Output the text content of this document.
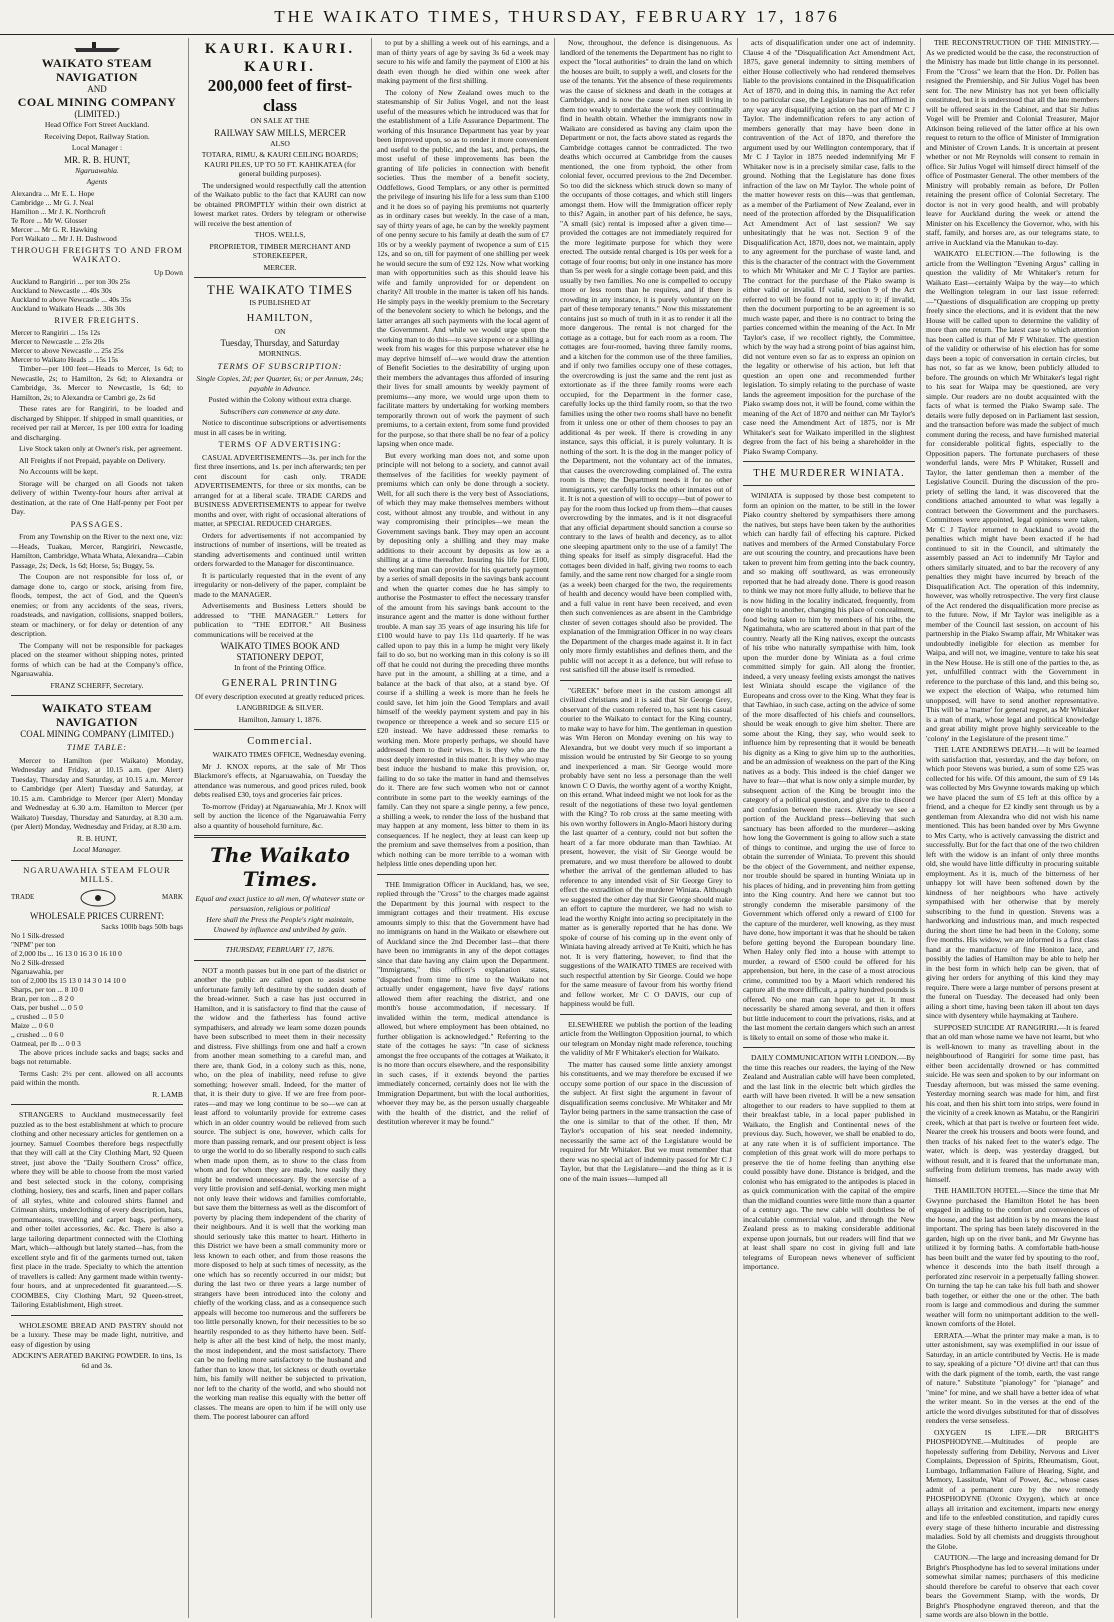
THE WAIKATO TIMES, THURSDAY, FEBRUARY 17, 1876
WAIKATO STEAM NAVIGATION
AND
COAL MINING COMPANY
(LIMITED.)

Head Office Fort Street Auckland.

Receiving Depot, Railway Station.

Local Manager :

MR. R. B. HUNT,

Ngaruawahia.

Agents

Alexandra ... Mr E. L. Hope
Cambridge ... Mr G. J. Neal
Hamilton ... Mr J. K. Northcroft
Te Rore ... Mr W. Glosser
Mercer ... Mr G. R. Hawking
Port Waikato ... Mr J. H. Dashwood
THROUGH FREIGHTS TO AND FROM WAIKATO.
Up Down
Auckland to Rangiriri ... per ton 30s 25s
Auckland to Newcastle ... 40s 30s
Auckland to above Newcastle ... 40s 35s
Auckland to Waikato Heads ... 30s 30s
RIVER FREIGHTS.
Mercer to Rangiriri ... 15s 12s
Mercer to Newcastle ... 25s 20s
Mercer to above Newcastle ... 25s 25s
Mercer to Waikato Heads ... 15s 15s

Timber—per 100 feet—Heads to Mercer, 1s 6d; to Newcastle, 2s; to Hamilton, 2s 6d; to Alexandra or Cambridge, 3s. Mercer to Newcastle, 1s 6d; to Hamilton, 2s; to Alexandra or Cambri ge, 2s 6d

These rates are for Rangiriri, to be loaded and discharged by Shipper. If shipped in small quantities, or received per rail at Mercer, 1s per 100 extra for loading and discharging.

Live Stock taken only at Owner's risk, per agreement.

All Freights if not Prepaid, payable on Delivery.

No Accounts will be kept.

Storage will be charged on all Goods not taken delivery of within Twenty-four hours after arrival at destination, at the rate of One Half-penny per Foot per Day.

PASSAGES.

From any Township on the River to the next one, viz:—Heads, Tuakau, Mercer, Rangiriri, Newcastle, Hamilton, Cambridge, Whata Whata, Alexandra—Cabin Passage, 2s; Deck, 1s 6d; Horse, 5s; Buggy, 5s.

The Coupon are not responsible for loss of, or damage done to, cargo or stock, arising from fire, floods, tempest, the act of God, and the Queen's enemies; or from any accidents of the seas, rivers, roadsteads, and navigation, collisions, snapped boilers, steam or machinery, or for delay or detention of any description.

The Company will not be responsible for packages placed on the steamer without shipping notes, printed forms of which can be had at the Company's office, Ngaruawahia.

FRANZ SCHERFF, Secretary.

WAIKATO STEAM NAVIGATION
COAL MINING COMPANY (LIMITED.)
TIME TABLE:

Mercer to Hamilton (per Waikato) Monday, Wednesday and Friday, at 10.15 a.m. (per Alert) Tuesday, Thursday and Saturday, at 10.15 a.m. Mercer to Cambridge (per Alert) Tuesday and Saturday, at 10.15 a.m. Cambridge to Mercer (per Alert) Monday and Wednesday at 6.30 a.m. Hamilton to Mercer (per Waikato) Tuesday, Thursday and Saturday, at 8.30 a.m. (per Alert) Monday, Wednesday and Friday, at 8.30 a.m.

R. B. HUNT,

Local Manager.

NGARUAWAHIA STEAM FLOUR MILLS.
TRADE	MARK
WHOLESALE PRICES CURRENT:
Sacks 100lb bags 50lb bags
No 1 Silk-dressed
"NPM" per ton
of 2,000 lbs ... 16 13 0 16 3 0 16 10 0
No 2 Silk-dressed
Ngaruawahia, per
ton of 2,000 lbs 15 13 0 14 3 0 14 10 0
Sharps, per ton ... 8 10 0
Bran, per ton ... 8 2 0
Oats, per bushel ... 0 5 0
,, crushed ... 0 5 0
Maize ... 0 6 0
,, crushed ... 0 6 0
Oatmeal, per lb ... 0 0 3

The above prices include sacks and bags; sacks and bags not returnable.

Terms Cash: 2½ per cent. allowed on all accounts paid within the month.

R. LAMB

STRANGERS to Auckland mustnecessarily feel puzzled as to the best establishment at which to procure clothing and other necessary articles for gentlemen on a journey. Samuel Coombes therefore begs respectfully that they will call at the City Clothing Mart, 92 Queen street, just above the "Daily Southern Cross" office, where they will be able to choose from the most varied and best selected stock in the colony, comprising clothing, hosiery, ties and scarfs, linen and paper collars of all styles, white and coloured shirts flannel and Crimean shirts, underclothing of every description, hats, portmanteaus, travelling and carpet bags, perfumery, and other toilet accessories, &c. &c. There is also a large tailoring department connected with the Clothing Mart, which—although but lately started—has, from the excellent style and fit of the garments turned out, taken first place in the trade. Specialty to which the attention of travellers is called: Any garment made within twenty-four hours, and at unprecedented fit guaranteed.—S. COOMBES, City Clothing Mart, 92 Queen-street, Tailoring Establishment, High street.

WHOLESOME BREAD AND PASTRY should not be a luxury. These may be made light, nutritive, and easy of digestion by using

ADCKIN'S AERATED BAKING POWDER. In tins, 1s 6d and 3s.

KAURI. KAURI. KAURI.
200,000 feet of first-class

ON SALE AT THE

RAILWAY SAW MILLS, MERCER

ALSO

TOTARA, RIMU, & KAURI CEILING BOARDS; KAURI PILES, UP TO 50 FT. KAHIKATEA (for general building purposes).

The undersigned would respectfully call the attention of the Waikato public to the fact that KAURI can now be obtained PROMPTLY within their own district at lowest market rates. Orders by telegram or otherwise will receive the best attention of

THOS. WELLS,

PROPRIETOR, TIMBER MERCHANT AND STOREKEEPER,

MERCER.

THE WAIKATO TIMES

IS PUBLISHED AT

HAMILTON,

ON

Tuesday, Thursday, and Saturday

MORNINGS.

TERMS OF SUBSCRIPTION:

Single Copies, 2d; per Quarter, 6s; or per Annum, 24s; payable in Advance.

Posted within the Colony without extra charge.

Subscribers can commence at any date.

Notice to discontinue subscriptions or advertisements must in all cases be in writing.

TERMS OF ADVERTISING:

CASUAL ADVERTISEMENTS—3s. per inch for the first three insertions, and 1s. per inch afterwards; ten per cent discount for cash only. TRADE ADVERTISEMENTS, for three or six months, can be arranged for at a liberal scale. TRADE CARDS and BUSINESS ADVERTISEMENTS to appear for twelve months and over, with right of occasional alterations of matter, at SPECIAL REDUCED CHARGES.

Orders for advertisements if not accompanied by instructions of number of insertions, will be treated as standing advertisements and continued until written orders forwarded to the Manager for discontinuance.

It is particularly requested that in the event of any irregularity or non-delivery of the paper, complaint be made to the MANAGER.

Advertisements and Business Letters should be addressed to "THE MANAGER." Letters for publication to "THE EDITOR." All Business communications will be received at the

WAIKATO TIMES BOOK AND STATIONERY DEPOT,

In front of the Printing Office.

GENERAL PRINTING

Of every description executed at greatly reduced prices.

LANGBRIDGE & SILVER.

Hamilton, January 1, 1876.

Commercial.

WAIKATO TIMES OFFICE, Wednesday evening.

Mr J. KNOX reports, at the sale of Mr Thos Blackmore's effects, at Ngaruawahia, on Tuesday the attendance was numerous, and good prices ruled, book debts realised £30, toys and groceries fair prices.

To-morrow (Friday) at Ngaruawahia, Mr J. Knox will sell by auction the licence of the Ngaruawahia Ferry also a quantity of household furniture, &c.

The Waikato Times.

Equal and exact justice to all men, Of whatever state or persuasion, religious or political

Here shall the Press the People's right maintain, Unawed by influence and unbribed by gain.

THURSDAY, FEBRUARY 17, 1876.

NOT a month passes but in one part of the district or another the public are called upon to assist some unfortunate family left destitute by the sudden death of the bread-winner. Such a case has just occurred in Hamilton, and it is satisfactory to find that the cause of the widow and the fatherless has found active sympathisers, and already we learn some dozen pounds have been subscribed to meet them in their necessity and distress. Five shillings from one and half a crown from another mean something to a careful man, and there are, thank God, in a colony such as this, none, who, on the plea of inability, need refuse to give something; however small. Indeed, for the matter of that, it is their duty to give. If we are free from poor-rates—and may we long continue to be so—we can at least afford to voluntarily provide for extreme cases which in an older country would be relieved from such source. The subject is one, however, which calls for more than passing remark, and our present object is less to urge the world to do so liberally respond to such calls when made upon them, as to show to the class from whom and for whom they are made, how easily they might be rendered unnecessary. By the exercise of a very little provision and self-denial, working men might not only leave their widows and families comfortable, but save them the bitterness as well as the discomfort of poverty by placing them independent of the charity of their neighbours. And it is well that the working man should seriously take this matter to heart. Hitherto in this District we have been a small community more or less known to each other, and from those reasons the more disposed to help at such times of necessity, as the one which has so recently occurred in our midst; but during the last two or three years a large number of strangers have been introduced into the colony and chiefly of the working class, and as a consequence such appeals will become too numerous and the sufferers be too little personally known, for their necessities to be so heartily responded to as they hitherto have been. Self-help is after all the best kind of help, the most manly, the most independent, and the most satisfactory. There can be no feeling more satisfactory to the husband and father than to know that, let sickness or death overtake him, his family will neither be subjected to privation, nor left to the charity of the world, and who should not the working man realise this equally with the better off classes. The means are open to him if he will only use them. The poorest labourer can afford

to put by a shilling a week out of his earnings, and a man of thirty years of age by saving 3s 6d a week may secure to his wife and family the payment of £100 at his death even though he died within one week after making payment of the first shilling.

The colony of New Zealand owes much to the statesmanship of Sir Julius Vogel, and not the least useful of the measures which he introduced was that for the establishment of a Life Assurance Department. The working of this Insurance Department has year by year been improved upon, so as to render it more convenient and useful to the public, and the last, and, perhaps, the most useful of these improvements has been the granting of life policies in connection with benefit societies. Thus the member of a benefit society, Oddfellows, Good Templars, or any other is permitted the privilege of insuring his life for a less sum than £100 and it he does so of paying his premiums not quarterly as in ordinary cases but weekly. In the case of a man, say of thirty years of age, he can by the weekly payment of one penny secure to his family at death the sum of £7 10s or by a weekly payment of twopence a sum of £15 12s, and so on, till for payment of one shilling per week he would secure the sum of £92 12s. Now what working man with opportunities such as this should leave his wife and family unprovided for or dependent on charity? All trouble in the matter is taken off his hands. He simply pays in the weekly premium to the Secretary of the benevolent society to which he belongs, and the latter arranges all such payments with the local agent of the Government. And while we would urge upon the working man to do this—to save sixpence or a shilling a week from his wages for this purpose whatever else he may deprive himself of—we would draw the attention of Benefit Societies to the desirability of urging upon their members the advantages thus afforded of insuring their lives for small amounts by weekly payment of premiums—any more, we would urge upon them to facilitate matters by undertaking for working members temporarily thrown out of work the payment of such premiums, to a certain extent, from some fund provided for the purpose, so that there shall be no fear of a policy lapsing when once made.

But every working man does not, and some upon principle will not belong to a society, and cannot avail themselves of the facilities for weekly payment of premiums which can only be done through a society. Well, for all such there is the very best of Associations, of which they may make themselves members without cost, without almost any trouble, and without in any way compromising their principles—we mean the Government savings bank. They may open an account by depositing only a shilling and they may make additions to their account by deposits as low as a shilling at a time thereafter. Insuring his life for £100, the working man can provide for his quarterly payment by a series of small deposits in the savings bank account and when the quarter comes due he has simply to authorise the Postmaster to effect the necessary transfer of the amount from his savings bank account to the insurance agent and the matter is done without further trouble. A man say 35 years of age insuring his life for £100 would have to pay 11s 11d quarterly. If he was called upon to pay this in a lump he might very likely fail to do so, but no working man in this colony is so ill off that he could not during the preceding three months have put in the amount, a shilling at a time, and a balance at the back of that also, at a stand bye. Of course if a shilling a week is more than he feels he could save, let him join the Good Templars and avail himself of the weekly payment system and pay in his twopence or threepence a week and so secure £15 or £20 instead. We have addressed these remarks to working men. More properly perhaps, we should have addressed them to their wives. It is they who are the most deeply interested in this matter. It is they who may best induce the husband to make this provision, or, failing to do so take the matter in hand and themselves do it. There are few such women who not or cannot contribute in some part to the weekly earnings of the family. Can they not spare a single penny, a few pence, a shilling a week, to render the loss of the husband that may happen at any moment, less bitter to them in its consequences. If he neglect, they at least can keep up the premium and save themselves from a position, than which nothing can be more terrible to a woman with helpless little ones depending upon her.

THE Immigration Officer in Auckland, has, we see, replied through the "Cross" to the charges made against the Department by this journal with respect to the immigrant cottages and their treatment. His excuse amounts simply to this: that the Government have had no immigrants on hand in the Waikato or elsewhere out of Auckland since the 2nd December last—that there have been no immigrants in any of the depot cottages since that date having any claim upon the Department. "Immigrants," this officer's explanation states, "dispatched from time to time to the Waikato not actually under engagement, have five days' rations allowed them after reaching the district, and one month's house accommodation, if necessary. If invalided within the term, medical attendance is allowed, but where employment has been obtained, no further obligation is acknowledged." Referring to the state of the cottages he says: "In case of sickness amongst the free occupants of the cottages at Waikato, it is no more than occurs elsewhere, and the responsibility in such cases, if it extends beyond the parties immediately concerned, certainly does not lie with the Immigration Department, but with the local authorities, whoever they may be, as the person usually chargeable with the health of the district, and the relief of destitution wherever it may be found."

Now, throughout, the defence is disingenuous. As landlord of the tenements the Department has no right to expect the "local authorities" to drain the land on which the houses are built, to supply a well, and closets for the use of the tenants. Yet the absence of these requirements was the cause of sickness and death in the cottages at Cambridge, and is now the cause of men still living in them too weakly to undertake the work they continually find in health obtain. Whether the immigrants now in Waikato are considered as having any claim upon the Department or not, the facts above stated as regards the Cambridge cottages cannot be contradicted. The two deaths which occurred at Cambridge from the causes mentioned, the one from typhoid, the other from colonial fever, occurred previous to the 2nd December. So too did the sickness which struck down so many of the occupants of those cottages, and which still lingers amongst them. How will the Immigration officer reply to this? Again, in another part of his defence, he says, "A small (sic) rental is imposed after a given time—provided the cottages are not immediately required for the more legitimate purpose for which they were erected. The outside rental charged is 10s per week for a cottage of four rooms; but only in one instance has more than 5s per week for a single cottage been paid, and this usually by two families. No one is compelled to occupy more or less room than he requires, and if there is crowding in any instance, it is purely voluntary on the part of these temporary tenants." Now this misstatement contains just so much of truth in it as to render it all the more dangerous. The rental is not charged for the cottage as a cottage, but for each room as a room. The cottages are four-roomed, having three family rooms, and a kitchen for the common use of the three families, and if only two families occupy one of these cottages, the overcrowding is just the same and the rent just as extortionate as if the three family rooms were each occupied, for the Department in the former case, carefully locks up the third family room, so that the two families using the other two rooms shall have no benefit from it unless one or other of them chooses to pay an additional 4s per week. If there is crowding in any instance, says this official, it is purely voluntary. It is nothing of the sort. It is the dog in the manger policy of the Department, not the voluntary act of the inmates, that causes the overcrowding complained of. The extra room is there; the Department needs it for no other immigrants, yet carefully locks the other inmates out of it. It is not a question of will to occupy—but of power to pay for the room thus locked up from them—that causes overcrowding by the inmates, and is it not disgraceful that any official department should sanction a course so contrary to the laws of health and decency, as to allot one sleeping apartment only to the use of a family! The thing speaks for itself as simply disgraceful. Had the cottages been divided in half, giving two rooms to each family, and the same rent now charged for a single room (as a week) been charged for the two, the requirements of health and decency would have been complied with, and a full value in rent have been received, and even then such conveniences as are absent in the Cambridge cluster of seven cottages should also be provided. The explanation of the Immigration Officer in no way clears the Department of the charges made against it. It in fact only more firmly establishes and defines them, and the public will not accept it as a defence, but will refuse to rest satisfied till the abuse itself is remedied.

"GREEK" before meet in the custom amongst all civilized christians and it is said that Sir George Grey, observant of the custom referred to, has sent his casual courier to the Waikato to contact for the King country, to make way to have for him. The gentleman in question was Wm Heron on Monday evening on his way to Alexandra, but we doubt very much if so important a mission would be entrusted by Sir George to so young and inexperienced a man. Sir George would more probably have sent no less a personage than the well known C O Davis, the worthy agent of a worthy Knight, on this errand. What indeed might we not look for as the result of the negotiations of these two loyal gentlemen with the King? To rob cross at the same meeting with his own worthy followers in Anglo-Maori history during the last quarter of a century, could not but soften the heart of a far more obdurate man than Tawhiao. At present, however, the visit of Sir George would be premature, and we must therefore be allowed to doubt whether the arrival of the gentleman alluded to has reference to any intended visit of Sir George Grey to effect the extradition of the murderer Winiata. Although we suggested the other day that Sir George should make an effort to capture the murderer, we had no wish to lead the worthy Knight into acting so precipitately in the matter as is generally reported that he has done. We spoke of course of his coming up in the event only of Winiata having already arrived at Te Kuiti, which he has not. It is very flattering, however, to find that the suggestions of the WAIKATO TIMES are received with such respectful attention by Sir George. Could we hope for the same measure of favour from his worthy friend and fellow worker, Mr C O DAVIS, our cup of happiness would be full.

ELSEWHERE we publish the portion of the leading article from the Wellington Opposition journal, to which our telegram on Monday night made reference, touching the validity of Mr F Whitaker's election for Waikato.

The matter has caused some little anxiety amongst his constituents, and we may therefore be excused if we occupy some portion of our space in the discussion of the subject. At first sight the argument in favour of disqualification seems conclusive. Mr Whitaker and Mr Taylor being partners in the same transaction the case of the one is similar to that of the other. If then, Mr Taylor's occupation of his seat needed indemnity, necessarily the same act of the Legislature would be required for Mr Whitaker. But we must remember that there was no special act of indemnity passed for Mr C J Taylor, but that the Legislature—and the thing as it is one of the main issues—lumped all

acts of disqualification under one act of indemnity. Clause 4 of the "Disqualification Act Amendment Act, 1875, gave general indemnity to sitting members of either House collectively who had rendered themselves liable to the provisions contained in the Disqualification Act of 1870, and in doing this, in naming the Act refer to no particular case, the Legislature has not affirmed in any way any disqualifying action on the part of Mr C J Taylor. The indemnification refers to any action of members generally that may have been done in contravention of the Act of 1870, and therefore the argument used by our Wellington contemporary, that if Mr C J Taylor in 1875 needed indemnifying Mr F Whitaker now is in a precisely similar case, falls to the ground. Nothing that the Legislature has done fixes infraction of the law on Mr Taylor. The whole point of the matter however rests on this—was that gentleman, as a member of the Parliament of New Zealand, ever in need of the protection afforded by the Disqualification Act Amendment Act of last session? We say unhesitatingly that he was not. Section 9 of the Disqualification Act, 1870, does not, we maintain, apply to any agreement for the purchase of waste land, and this is the character of the contract with the Government to which Mr Whitaker and Mr C J Taylor are parties. The contract for the purchase of the Piako swamp is either valid or invalid. If valid, section 9 of the Act referred to will be found not to apply to it; if invalid, then the document purporting to be an agreement is so much waste paper, and there is no contract to bring the parties concerned within the meaning of the Act. In Mr Taylor's case, if we recollect rightly, the Committee, which by the way had a strong point of bias against him, did not venture even so far as to express an opinion on the legality or otherwise of his action, but left that question an open one and recommended further legislation. To simply relating to the purchase of waste lands the agreement imposition for the purchase of the Piako swamp does not, it will be found, come within the meaning of the Act of 1870 and neither can Mr Taylor's case need the Amendment Act of 1875, nor is Mr Whitaker's seat for Waikato imperilled in the slightest degree from the fact of his being a shareholder in the Piako Swamp Company.

THE MURDERER WINIATA.

WINIATA is supposed by those best competent to form an opinion on the matter, to be still in the lower Piako country sheltered by sympathisers there among the natives, but steps have been taken by the authorities which can hardly fail of effecting his capture. Picked natives and members of the Armed Constabulary Force are out scouring the country, and precautions have been taken to prevent him from getting into the back country, and so making off southward, as was erroneously reported that he had already done. There is good reason to think we may not more fully allude, to believe that he is now hiding in the locality indicated, frequently, from one night to another, changing his place of concealment, food being taken to him by members of his tribe, the Ngatimahuta, who are scattered about in that part of the country. Nearly all the King natives, except the outcasts of his tribe who naturally sympathise with him, look upon the murder done by Winiata as a foul crime committed simply for gain. All along the frontier, indeed, a very uneasy feeling exists amongst the natives lest Winiata should escape the vigilance of the Europeans and cross over to the King. What they fear is that Tawhiao, in such case, acting on the advice of some of the more disaffected of his chiefs and counsellors, should be weak enough to give him shelter. There are some about the King, they say, who would seek to influence him by representing that it would be beneath his dignity as a King to give him up to the authorities, and be an admission of weakness on the part of the King natives as a body. This indeed is the chief danger we have to fear—that what is now only a simple murder, by subsequent action of the King be brought into the category of a political question, and give rise to discord and confusion between the races. Already we see a portion of the Auckland press—believing that such sanctuary has been afforded to the murderer—asking how long the Government is going to allow such a state of things to continue, and urging the use of force to obtain the surrender of Winiata. To prevent this should be the object of the Government, and neither expense, nor trouble should be spared in hunting Winiata up in his places of hiding, and in preventing him from getting into the King country. And here we cannot but too strongly condemn the miserable parsimony of the Government which offered only a reward of £100 for the capture of the murderer, well knowing, as they must have done, how important it was that he should be taken before getting beyond the European boundary line. When Haley only fled into a house with attempt to murder, a reward of £500 could be offered for his apprehension, but here, in the case of a most atrocious crime, committed too by a Maori which rendered his capture all the more difficult, a paltry hundred pounds is offered. No one man can hope to get it. It must necessarily be shared among several, and then it offers but little inducement to court the privations, risks, and at the last moment the certain dangers which such an arrest is likely to entail on some of those who make it.

DAILY COMMUNICATION WITH LONDON.—By the time this reaches our readers, the laying of the New Zealand and Australian cable will have been completed, and the last link in the electric belt which girdles the earth will have been riveted. It will be a new sensation altogether to our readers to have supplied to them at their breakfast table, in a local paper published in Waikato, the English and Continental news of the previous day. Such, however, we shall be enabled to do, at any rate when it is of sufficient importance. The completion of this great work will do more perhaps to preserve the tie of home feeling than anything else could possibly have done. Distance is bridged, and the colonist who has emigrated to the antipodes is placed in as quick communication with the capital of the empire than the midland counties were little more than a quarter of a century ago. The new cable will doubtless be of incalculable commercial value, and through the New Zealand press as to making considerable additional expense upon journals, but our readers will find that we at least shall spare no cost in giving full and late telegrams of European news whenever of sufficient importance.

THE RECONSTRUCTION OF THE MINISTRY.—As we predicted would be the case, the reconstruction of the Ministry has made but little change in its personnel. From the "Cross" we learn that the Hon. Dr. Pollen has resigned the Premiership, and Sir Julius Vogel has been sent for. The new Ministry has not yet been officially constituted, but it is understood that all the late members will be offered seats in the Cabinet, and that Sir Julius Vogel will be Premier and Colonial Treasurer, Major Atkinson being relieved of the latter office at his own request to return to the office of Minister of Immigration and Minister of Crown Lands. It is uncertain at present whether or not Mr Reynolds will consent to remain in office. Sir Julius Vogel will himself direct himself of the office of Postmaster General. The other members of the Ministry will probably remain as before, Dr Pollen retaining the present office of Colonial Secretary. The doctor is not in very good health, and will probably leave for Auckland during the week or attend the Minister on his Excellency the Governor, who, with his staff, family, and horses are, as our telegrams state, to arrive in Auckland via the Manukau to-day.

WAIKATO ELECTION.—The following is the article from the Wellington "Evening Argus" calling in question the validity of Mr Whitaker's return for Waikato East—certainly Waipa by the way—to which the Wellington telegram in our last issue referred:—"Questions of disqualification are cropping up pretty freely since the elections, and it is evident that the new House will be called upon to determine the validity of more than one return. The latest case to which attention has been called is that of Mr F Whitaker. The question of the validity or otherwise of his election has for some days been a topic of conversation in certain circles, but has not, so far as we know, been publicly alluded to before. The grounds on which Mr Whitaker's legal right to his seat for Waipa may be questioned, are very simple. Our readers are no doubt acquainted with the facts of what is termed the Piako Swamp sale. The details were fully deposed on in Parliament last session, and the transaction before was made the subject of much comment during the recess, and have furnished material for considerable political fights, especially to the Opposition papers. The fortunate purchasers of these wonderful lands, were Mrs P Whitaker, Russell and Taylor, the latter gentleman then a member of the Legislative Council. During the discussion of the pro-priety of selling the land, it was discovered that the conditions attached amounted to what was legally a contract between the Government and the purchasers. Committees were appointed, legal opinions were taken, Mr C J Taylor returned to Auckland to avoid the penalties which might have been exacted if he had continued to sit in the Council, and ultimately the assembly passed an Act to indemnify Mr Taylor and others similarly situated, and to bar the recovery of any penalties they might have incurred by breach of the Disqualification Act. The operation of this indemnity, however, was wholly retrospective. The very first clause of the Act rendered the disqualification more precise as to the future. Now, if Mr Taylor was ineligible as a member of the Council last session, on account of his partnership in the Piako Swamp affair, Mr Whitaker was undoubtedly ineligible for election as member for Waipa, and will not, we imagine, venture to take his seat in the New House. He is still one of the parties to the, as yet, unfulfilled contract with the Government in reference to the purchase of this land, and this being so, we expect the election of Waipa, who returned him unopposed, will have to send another representative. This will be a 'matter' for general regret, as Mr Whitaker is a man of mark, whose legal and political knowledge and great ability might prove highly serviceable to the 'colony' in the Legislature of the present time."

THE LATE ANDREWS DEATH.—It will be learned with satisfaction that, yesterday, and the day before, on which poor Stevens was buried, a sum of some £25 was collected for his wife. Of this amount, the sum of £9 14s was collected by Mrs Gwynne towards making up which we have placed the sum of £5 left at this office by a friend, and a cheque for £2 kindly sent through us by a gentleman from Alexandra who did not wish his name mentioned. This has been handed over by Mrs Gwynne to Mrs Carty, who is actively canvassing the district and successfully. But for the fact that one of the two children left with the widow is an infant of only three months old, she would have little difficulty in procuring suitable employment. As it is, much of the bitterness of her unhappy lot will have been softened down by the kindness of her neighbours who have actively sympathised with her otherwise that by merely subscribing to the fund in question. Stevens was a hardworking and industrious man, and much respected during the short time he had been in the Colony, some five months. His widow, we are informed is a first class hand at the manufacture of fine Honiton lace, and possibly the ladies of Hamilton may be able to help her in the best form in which help can be given, that of giving her orders for anything of this kind they may require. There were a large number of persons present at the funeral on Tuesday. The deceased had only been ailing a short time, having been taken ill about ten days since with dysentery while haymaking at Tauhere.

SUPPOSED SUICIDE AT RANGIRIRI.—It is feared that an old man whose name we have not learnt, but who is well-known to many as travelling about in the neighbourhood of Rangiriri for some time past, has either been accidentally drowned or has committed suicide. He was seen and spoken to by our informant on Tuesday afternoon, but was missed the same evening. Yesterday morning search was made for him, and first his coat, and then his shirt torn into strips, were found in the vicinity of a creek known as Matahu, or the Rangiriri creek, which at that part is twelve or fourteen feet wide. Nearer the creek his trousers and boots were found, and then tracks of his naked feet to the water's edge. The water, which is deep, was yesterday dragged, but without result, and it is feared that the unfortunate man, suffering from delirium tremens, has made away with himself.

THE HAMILTON HOTEL.—Since the time that Mr Gwynne purchased the Hamilton Hotel he has been engaged in adding to the comfort and conveniences of the house, and the last addition is by no means the least important. The spring has been lately discovered in the garden, high up on the river bank, and Mr Gwynne has utilized it by forming baths. A comfortable bath-house has been built and the water fed by spouting to the roof, whence it descends into the bath itself through a perforated zinc reservoir in a perpetually falling shower. On turning the tap he can take his full bath and shower bath together, or either the one or the other. The bath room is large and commodious and during the summer weather will form no unimportant addition to the well-known comforts of the Hotel.

ERRATA.—What the printer may make a man, is to utter astonishment, say was exemplified in our issue of Saturday, in an article contributed by Vectis. He is made to say, speaking of a picture "O! divine art! that can thus with the dark pigment of the tomb, earth, the vast range of nature." Substitute "pianology" for "pianage" and "mine" for mine, and we shall have a better idea of what the writer meant. So in the verses at the end of the article the word divulges substituted for that of dissolves renders the verse senseless.

OXYGEN IS LIFE.—DR BRIGHT'S PHOSPHODYNE.—Multitudes of people are hopelessly suffering from Debility, Nervous and Liver Complaints, Depression of Spirits, Rheumatism, Gout, Lumbago, Inflammation Failure of Hearing, Sight, and Memory, Lassitude, Want of Power, &c., whose cases admit of a permanent cure by the new remedy PHOSPHODYNE (Ozonic Oxygen), which at once allays all irritation and excitement, imparts new energy and life to the enfeebled constitution, and rapidly cures every stage of these hitherto incurable and distressing maladies. Sold by all chemists and druggists throughout the Globe.

CAUTION.—The large and increasing demand for Dr Bright's Phosphodyne has led to several imitations under somewhat similar names; purchasers of this medicine should therefore be careful to observe that each cover bears the Government Stamp, with the words, Dr Bright's Phosphodyne engraved thereon, and that the same words are also blown in the bottle.
